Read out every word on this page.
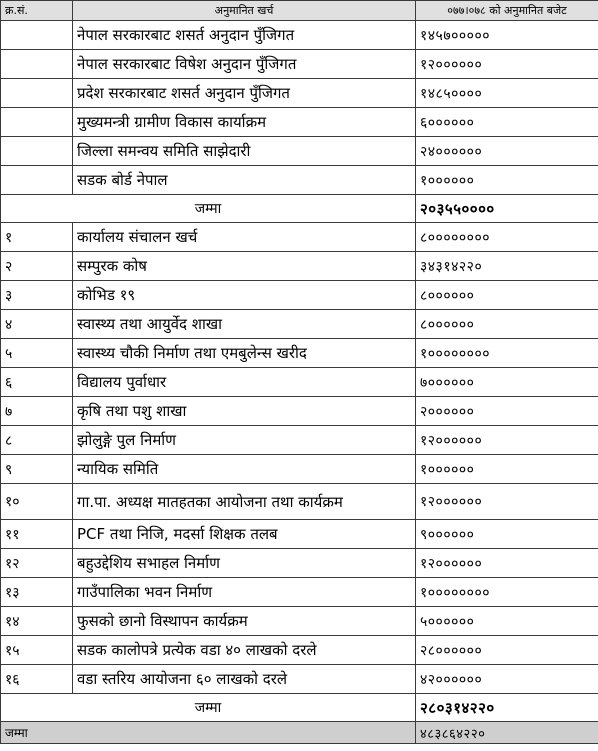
क्र.सं.	अनुमानित खर्च	०७७।०७८ को अनुमानित बजेट
	नेपाल सरकारबाट शसर्त अनुदान पुँजिगत	१४५७०००००
	नेपाल सरकारबाट विषेश अनुदान पुँजिगत	१२००००००
	प्रदेश सरकारबाट शसर्त अनुदान पुँजिगत	१४८५००००
	मुख्यमन्त्री ग्रामीण विकास कार्याक्रम	६००००००
	जिल्ला समन्वय समिति साझेदारी	२४००००००
	सडक बोर्ड नेपाल	१००००००
जम्मा		२०३५५००००
१	कार्यालय संचालन खर्च	८००००००००
२	सम्पुरक कोष	३४३१४२२०
३	कोभिड १९	८००००००
४	स्वास्थ्य तथा आयुर्वेद शाखा	८००००००
५	स्वास्थ्य चौकी निर्माण तथा एमबुलेन्स खरीद	१००००००००
६	विद्यालय पुर्वाधार	७००००००
७	कृषि तथा पशु शाखा	२००००००
८	झोलुङ्गे पुल निर्माण	१२००००००
९	न्यायिक समिति	१००००००
१०	गा.पा. अध्यक्ष मातहतका आयोजना तथा कार्यक्रम	१२००००००
११	PCF तथा निजि, मदर्सा शिक्षक तलब	९००००००
१२	बहुउद्देशिय सभाहल निर्माण	१२००००००
१३	गाउँपालिका भवन निर्माण	१००००००००
१४	फुसको छानो विस्थापन कार्यक्रम	५००००००
१५	सडक कालोपत्रे प्रत्येक वडा ४० लाखको दरले	२८००००००
१६	वडा स्तरिय आयोजना ६० लाखको दरले	४२००००००
जम्मा		२८०३१४२२०
जम्मा		४८३८६४२२०
